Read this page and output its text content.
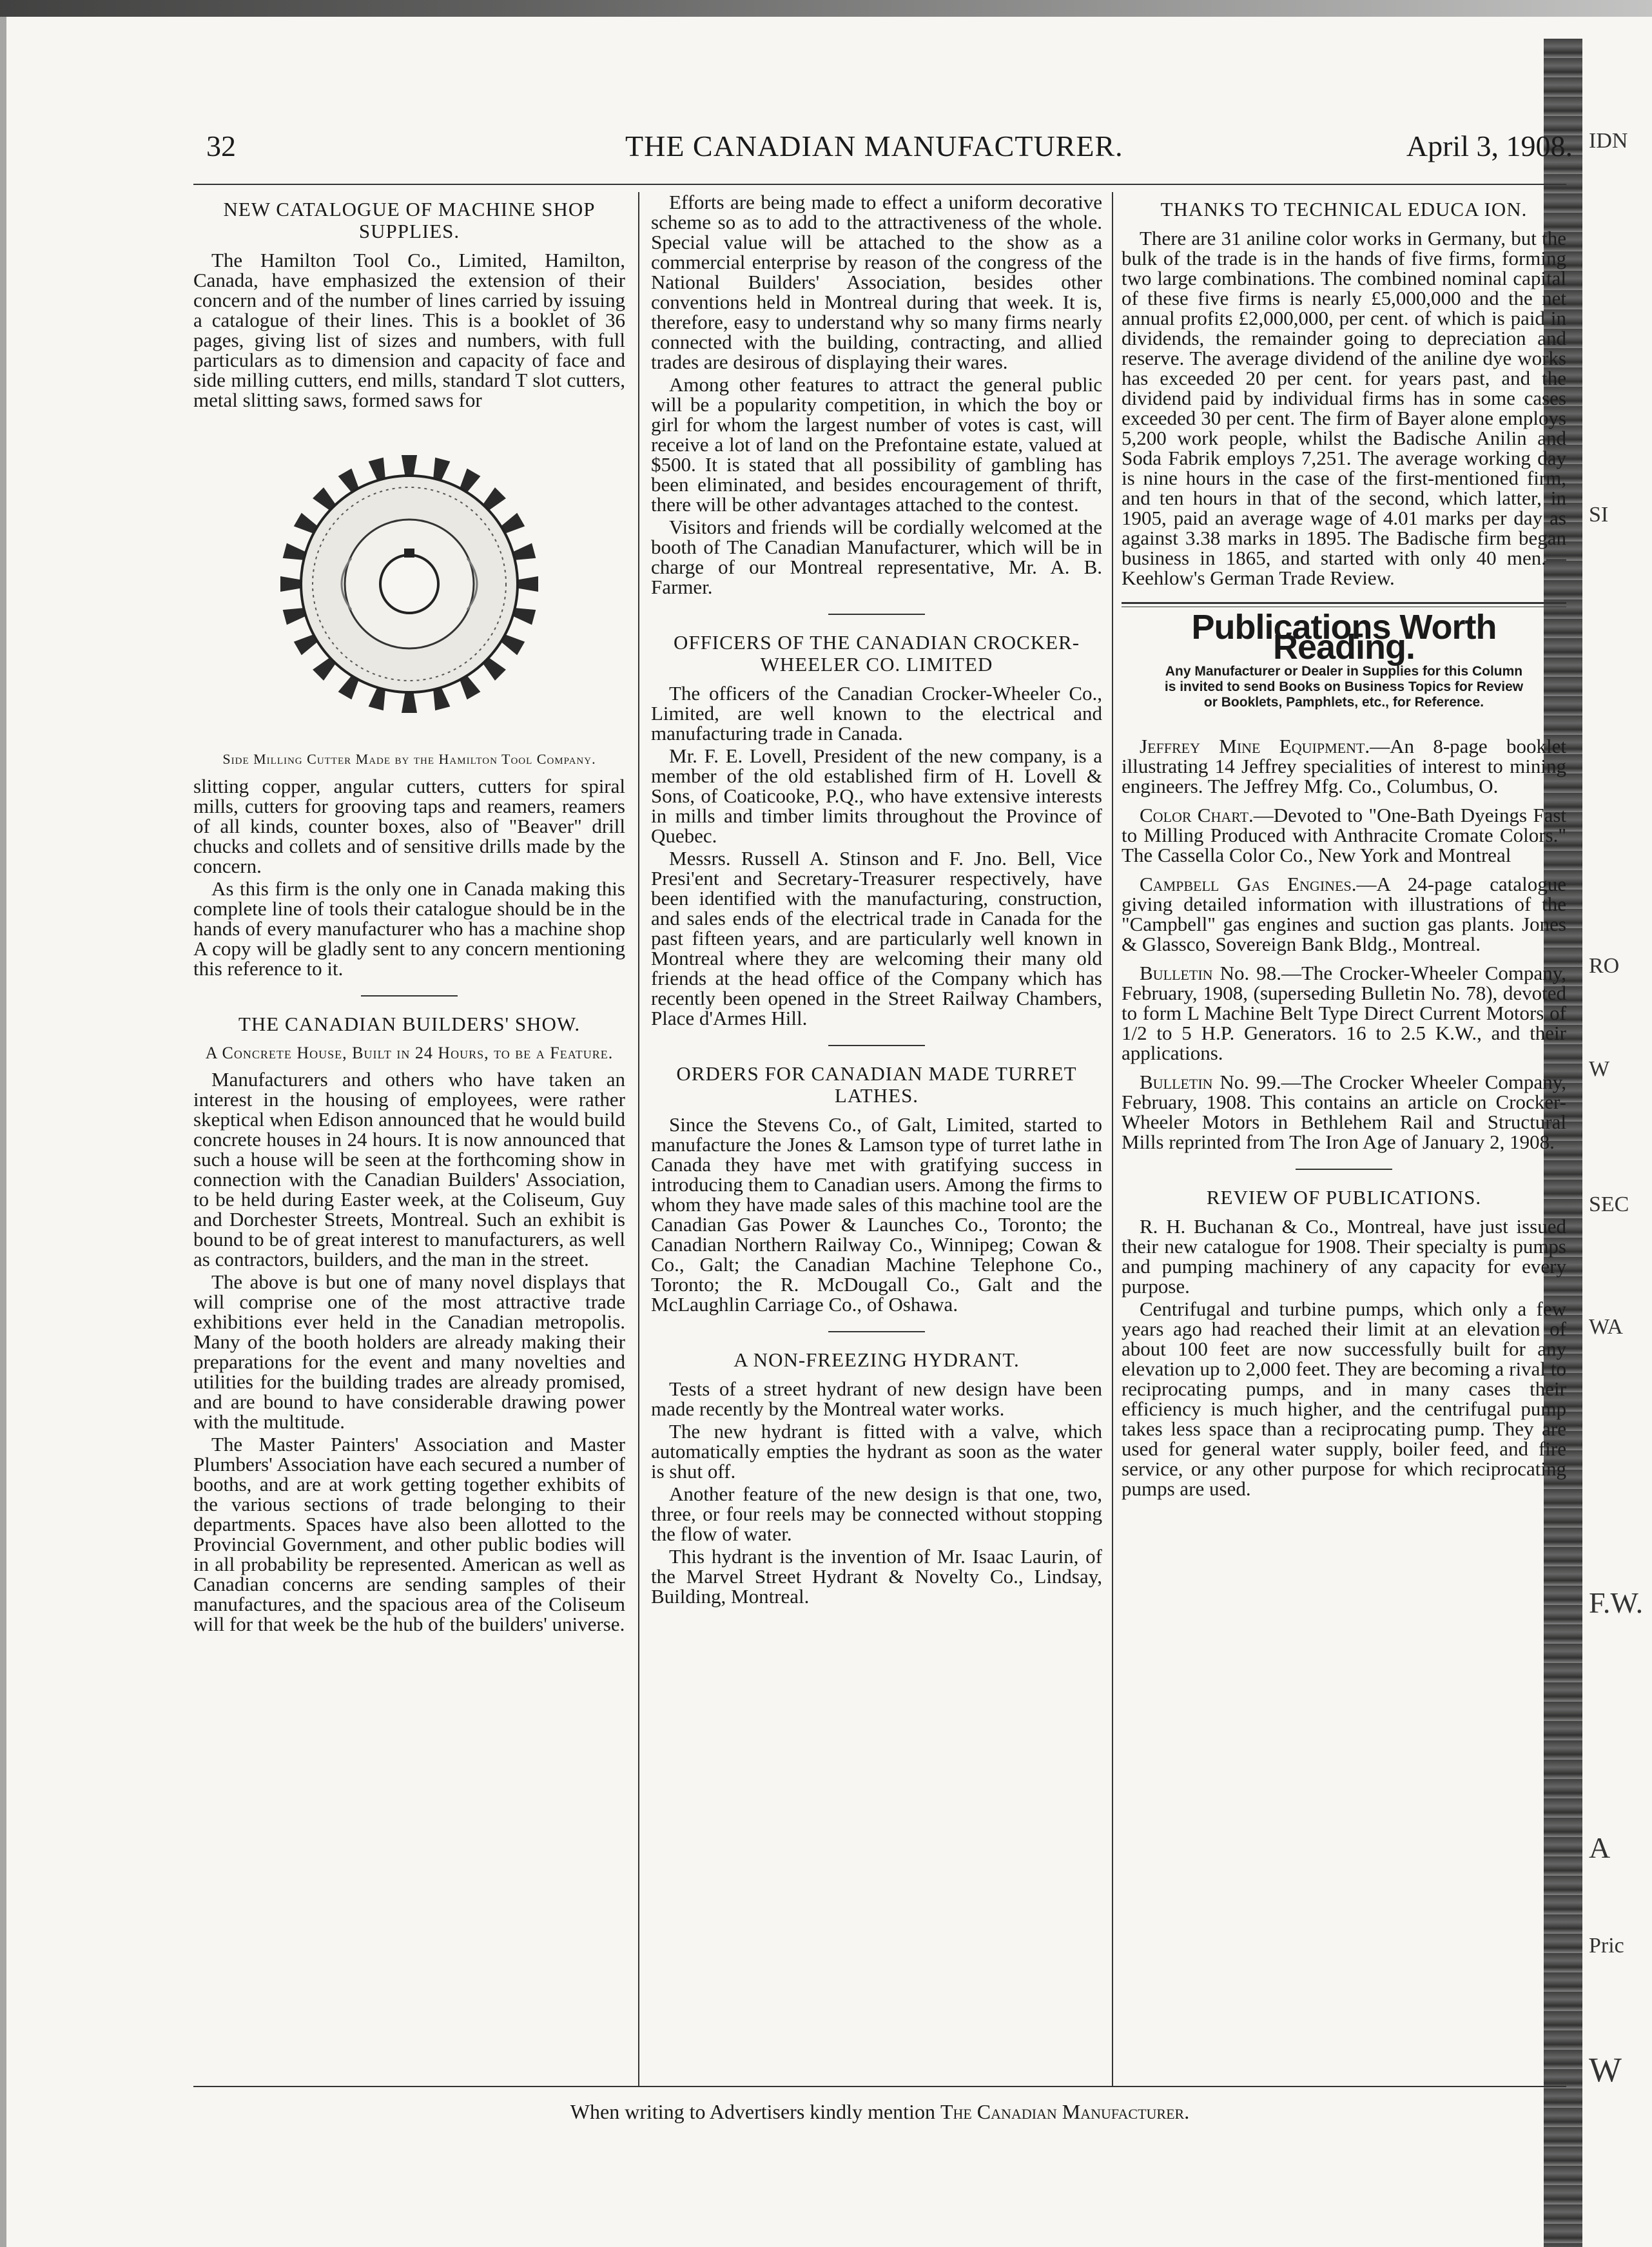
IDN
SI
RO
W
SEC
WA
F.W.
A
Pric
W
32	THE CANADIAN MANUFACTURER.	April 3, 1908.
NEW CATALOGUE OF MACHINE SHOP SUPPLIES.

The Hamilton Tool Co., Limited, Hamilton, Canada, have emphasized the extension of their concern and of the number of lines carried by issuing a catalogue of their lines. This is a booklet of 36 pages, giving list of sizes and numbers, with full particulars as to dimension and capacity of face and side milling cutters, end mills, standard T slot cutters, metal slitting saws, formed saws for

Side Milling Cutter Made by the Hamilton Tool Company.

slitting copper, angular cutters, cutters for spiral mills, cutters for grooving taps and reamers, reamers of all kinds, counter boxes, also of "Beaver" drill chucks and collets and of sensitive drills made by the concern.

As this firm is the only one in Canada making this complete line of tools their catalogue should be in the hands of every manufacturer who has a machine shop A copy will be gladly sent to any concern mentioning this reference to it.

THE CANADIAN BUILDERS' SHOW.
A Concrete House, Built in 24 Hours, to be a Feature.

Manufacturers and others who have taken an interest in the housing of employees, were rather skeptical when Edison announced that he would build concrete houses in 24 hours. It is now announced that such a house will be seen at the forthcoming show in connection with the Canadian Builders' Association, to be held during Easter week, at the Coliseum, Guy and Dorchester Streets, Montreal. Such an exhibit is bound to be of great interest to manufacturers, as well as contractors, builders, and the man in the street.

The above is but one of many novel displays that will comprise one of the most attractive trade exhibitions ever held in the Canadian metropolis. Many of the booth holders are already making their preparations for the event and many novelties and utilities for the building trades are already promised, and are bound to have considerable drawing power with the multitude.

The Master Painters' Association and Master Plumbers' Association have each secured a number of booths, and are at work getting together exhibits of the various sections of trade belonging to their departments. Spaces have also been allotted to the Provincial Government, and other public bodies will in all probability be represented. American as well as Canadian concerns are sending samples of their manufactures, and the spacious area of the Coliseum will for that week be the hub of the builders' universe.

Efforts are being made to effect a uniform decorative scheme so as to add to the attractiveness of the whole. Special value will be attached to the show as a commercial enterprise by reason of the congress of the National Builders' Association, besides other conventions held in Montreal during that week. It is, therefore, easy to understand why so many firms nearly connected with the building, contracting, and allied trades are desirous of displaying their wares.

Among other features to attract the general public will be a popularity competition, in which the boy or girl for whom the largest number of votes is cast, will receive a lot of land on the Prefontaine estate, valued at $500. It is stated that all possibility of gambling has been eliminated, and besides encouragement of thrift, there will be other advantages attached to the contest.

Visitors and friends will be cordially welcomed at the booth of The Canadian Manufacturer, which will be in charge of our Montreal representative, Mr. A. B. Farmer.

OFFICERS OF THE CANADIAN CROCKER-WHEELER CO. LIMITED

The officers of the Canadian Crocker-Wheeler Co., Limited, are well known to the electrical and manufacturing trade in Canada.

Mr. F. E. Lovell, President of the new company, is a member of the old established firm of H. Lovell & Sons, of Coaticooke, P.Q., who have extensive interests in mills and timber limits throughout the Province of Quebec.

Messrs. Russell A. Stinson and F. Jno. Bell, Vice Presi'ent and Secretary-Treasurer respectively, have been identified with the manufacturing, construction, and sales ends of the electrical trade in Canada for the past fifteen years, and are particularly well known in Montreal where they are welcoming their many old friends at the head office of the Company which has recently been opened in the Street Railway Chambers, Place d'Armes Hill.

ORDERS FOR CANADIAN MADE TURRET LATHES.

Since the Stevens Co., of Galt, Limited, started to manufacture the Jones & Lamson type of turret lathe in Canada they have met with gratifying success in introducing them to Canadian users. Among the firms to whom they have made sales of this machine tool are the Canadian Gas Power & Launches Co., Toronto; the Canadian Northern Railway Co., Winnipeg; Cowan & Co., Galt; the Canadian Machine Telephone Co., Toronto; the R. McDougall Co., Galt and the McLaughlin Carriage Co., of Oshawa.

A NON-FREEZING HYDRANT.

Tests of a street hydrant of new design have been made recently by the Montreal water works.

The new hydrant is fitted with a valve, which automatically empties the hydrant as soon as the water is shut off.

Another feature of the new design is that one, two, three, or four reels may be connected without stopping the flow of water.

This hydrant is the invention of Mr. Isaac Laurin, of the Marvel Street Hydrant & Novelty Co., Lindsay, Building, Montreal.

THANKS TO TECHNICAL EDUCA ION.

There are 31 aniline color works in Germany, but the bulk of the trade is in the hands of five firms, forming two large combinations. The combined nominal capital of these five firms is nearly £5,000,000 and the net annual profits £2,000,000, per cent. of which is paid in dividends, the remainder going to depreciation and reserve. The average dividend of the aniline dye works has exceeded 20 per cent. for years past, and the dividend paid by individual firms has in some cases exceeded 30 per cent. The firm of Bayer alone employs 5,200 work people, whilst the Badische Anilin and Soda Fabrik employs 7,251. The average working day is nine hours in the case of the first-mentioned firm, and ten hours in that of the second, which latter, in 1905, paid an average wage of 4.01 marks per day as against 3.38 marks in 1895. The Badische firm began business in 1865, and started with only 40 men.—Keehlow's German Trade Review.

Publications Worth Reading.
Any Manufacturer or Dealer in Supplies for this Column is invited to send Books on Business Topics for Review or Booklets, Pamphlets, etc., for Reference.

Jeffrey Mine Equipment.—An 8-page booklet illustrating 14 Jeffrey specialities of interest to mining engineers. The Jeffrey Mfg. Co., Columbus, O.

Color Chart.—Devoted to "One-Bath Dyeings Fast to Milling Produced with Anthracite Cromate Colors." The Cassella Color Co., New York and Montreal

Campbell Gas Engines.—A 24-page catalogue giving detailed information with illustrations of the "Campbell" gas engines and suction gas plants. Jones & Glassco, Sovereign Bank Bldg., Montreal.

Bulletin No. 98.—The Crocker-Wheeler Company, February, 1908, (superseding Bulletin No. 78), devoted to form L Machine Belt Type Direct Current Motors of 1/2 to 5 H.P. Generators. 16 to 2.5 K.W., and their applications.

Bulletin No. 99.—The Crocker Wheeler Company, February, 1908. This contains an article on Crocker-Wheeler Motors in Bethlehem Rail and Structural Mills reprinted from The Iron Age of January 2, 1908.

REVIEW OF PUBLICATIONS.

R. H. Buchanan & Co., Montreal, have just issued their new catalogue for 1908. Their specialty is pumps and pumping machinery of any capacity for every purpose.

Centrifugal and turbine pumps, which only a few years ago had reached their limit at an elevation of about 100 feet are now successfully built for any elevation up to 2,000 feet. They are becoming a rival to reciprocating pumps, and in many cases their efficiency is much higher, and the centrifugal pump takes less space than a reciprocating pump. They are used for general water supply, boiler feed, and fire service, or any other purpose for which reciprocating pumps are used.

When writing to Advertisers kindly mention The Canadian Manufacturer.
